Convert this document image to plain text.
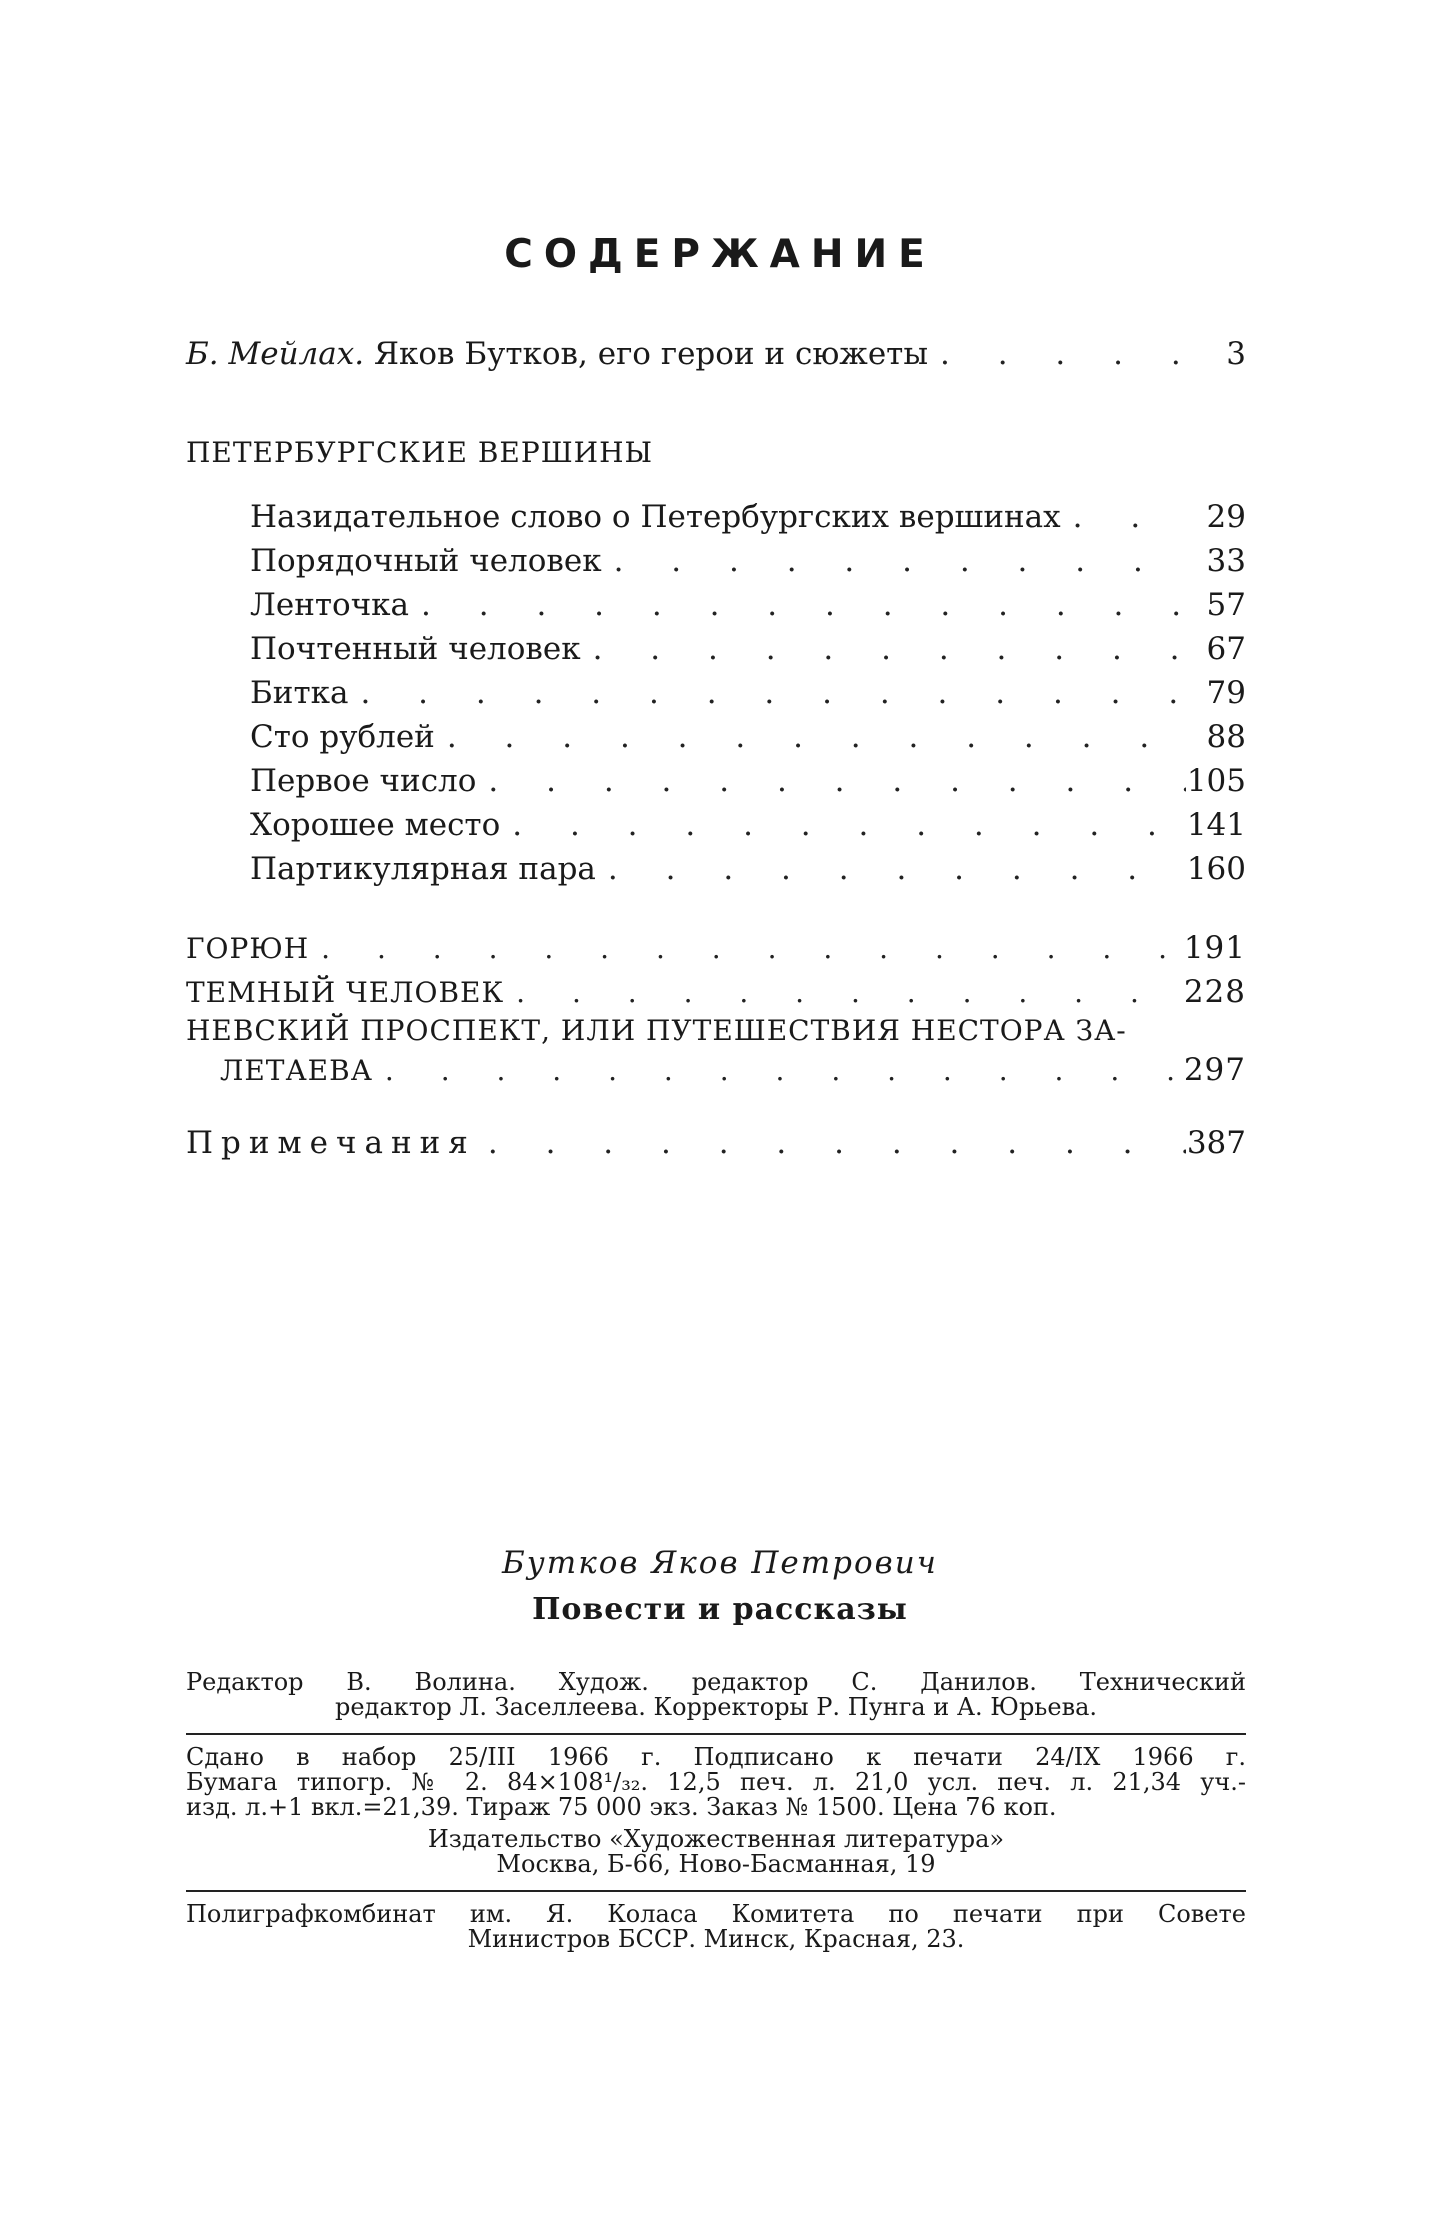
СОДЕРЖАНИЕ
Б. Мейлах. Яков Бутков, его герои и сюжеты . . .	3
ПЕТЕРБУРГСКИЕ ВЕРШИНЫ
Назидательное слово о Петербургских вершинах . . .	29
Порядочный человек . . .	33
Ленточка . . .	57
Почтенный человек . . .	67
Битка . . .	79
Сто рублей . . .	88
Первое число . . .	105
Хорошее место . . .	141
Партикулярная пара . . .	160
ГОРЮН . . .	191
ТЕМНЫЙ ЧЕЛОВЕК . . .	228
НЕВСКИЙ ПРОСПЕКТ, ИЛИ ПУТЕШЕСТВИЯ НЕСТОРА ЗА-
ЛЕТАЕВА . . .	297
Примечания . . .	387
Бутков Яков Петрович
Повести и рассказы
Редактор В. Волина. Худож. редактор С. Данилов. Технический
редактор Л. Заселлеева. Корректоры Р. Пунга и А. Юрьева.
Сдано в набор 25/III 1966 г. Подписано к печати 24/IX 1966 г.
Бумага типогр. № 2. 84×108¹/₃₂. 12,5 печ. л. 21,0 усл. печ. л. 21,34 уч.-
изд. л.+1 вкл.=21,39. Тираж 75 000 экз. Заказ № 1500. Цена 76 коп.
Издательство «Художественная литература»
Москва, Б-66, Ново-Басманная, 19
Полиграфкомбинат им. Я. Коласа Комитета по печати при Совете
Министров БССР. Минск, Красная, 23.
